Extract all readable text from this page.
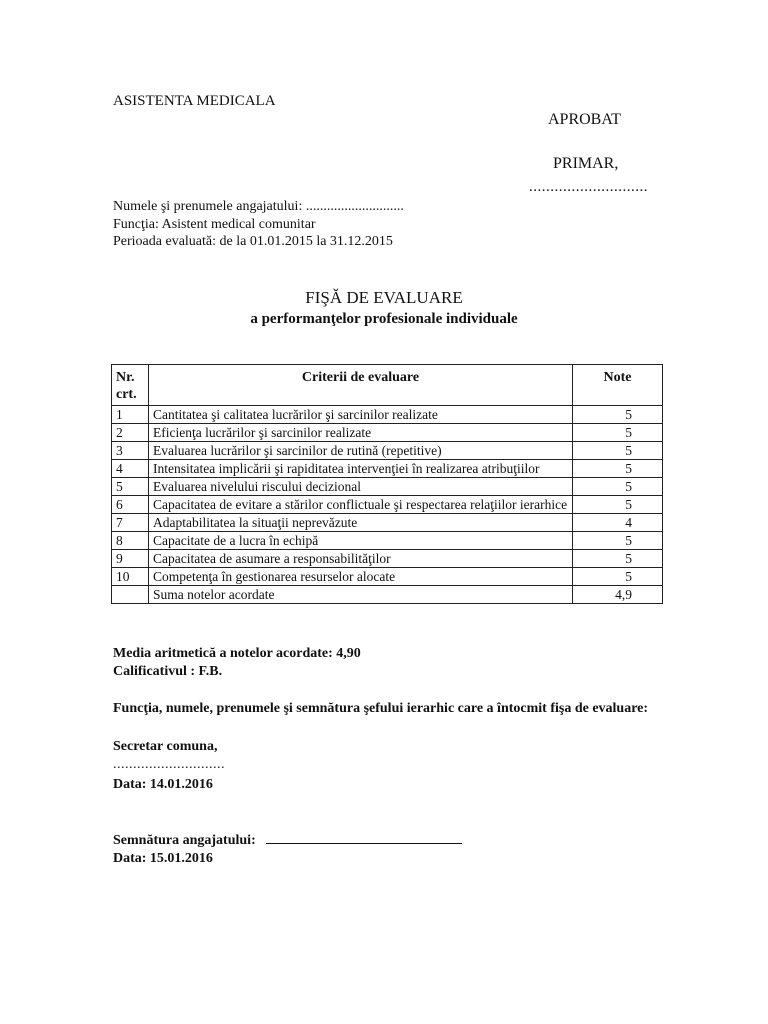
ASISTENTA MEDICALA
APROBAT
PRIMAR,
............................
Numele şi prenumele angajatului: ............................
Funcţia: Asistent medical comunitar
Perioada evaluată: de la 01.01.2015 la 31.12.2015
FIŞĂ DE EVALUARE
a performanţelor profesionale individuale
Nr. crt.	Criterii de evaluare	Note
1	Cantitatea şi calitatea lucrărilor şi sarcinilor realizate	5
2	Eficienţa lucrărilor şi sarcinilor realizate	5
3	Evaluarea lucrărilor şi sarcinilor de rutină (repetitive)	5
4	Intensitatea implicării şi rapiditatea intervenţiei în realizarea atribuţiilor	5
5	Evaluarea nivelului riscului decizional	5
6	Capacitatea de evitare a stărilor conflictuale şi respectarea relaţiilor ierarhice	5
7	Adaptabilitatea la situaţii neprevăzute	4
8	Capacitate de a lucra în echipă	5
9	Capacitatea de asumare a responsabilităţilor	5
10	Competenţa în gestionarea resurselor alocate	5
	Suma notelor acordate	4,9
Media aritmetică a notelor acordate: 4,90
Calificativul : F.B.
Funcţia, numele, prenumele şi semnătura şefului ierarhic care a întocmit fişa de evaluare:
Secretar comuna,
............................
Data: 14.01.2016
Semnătura angajatului:
Data: 15.01.2016
